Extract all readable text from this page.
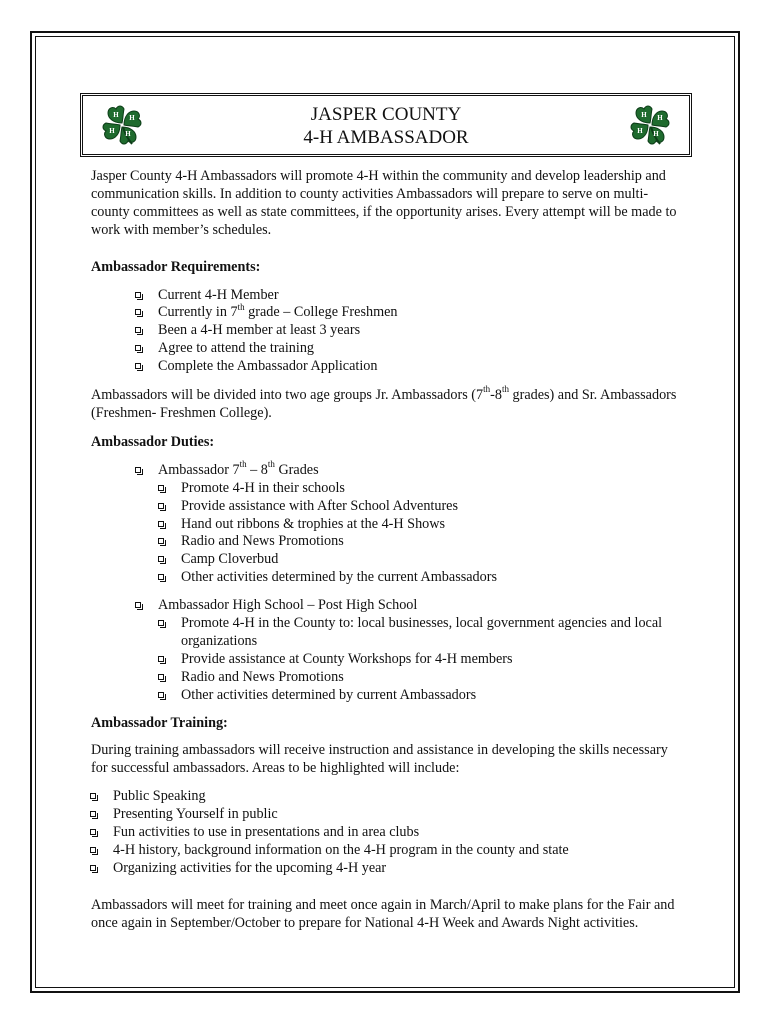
H H
H
H
JASPER COUNTY
4-H AMBASSADOR
H H
H
H

Jasper County 4-H Ambassadors will promote 4-H within the community and develop leadership and communication skills. In addition to county activities Ambassadors will prepare to serve on multi-county committees as well as state committees, if the opportunity arises. Every attempt will be made to work with member’s schedules.

Ambassador Requirements:

Current 4-H Member
Currently in 7th grade – College Freshmen
Been a 4-H member at least 3 years
Agree to attend the training
Complete the Ambassador Application

Ambassadors will be divided into two age groups Jr. Ambassadors (7th-8th grades) and Sr. Ambassadors (Freshmen- Freshmen College).

Ambassador Duties:

Ambassador 7th – 8th Grades
Promote 4-H in their schools
Provide assistance with After School Adventures
Hand out ribbons & trophies at the 4-H Shows
Radio and News Promotions
Camp Cloverbud
Other activities determined by the current Ambassadors
Ambassador High School – Post High School
Promote 4-H in the County to: local businesses, local government agencies and local organizations
Provide assistance at County Workshops for 4-H members
Radio and News Promotions
Other activities determined by current Ambassadors

Ambassador Training:

During training ambassadors will receive instruction and assistance in developing the skills necessary for successful ambassadors. Areas to be highlighted will include:

Public Speaking
Presenting Yourself in public
Fun activities to use in presentations and in area clubs
4-H history, background information on the 4-H program in the county and state
Organizing activities for the upcoming 4-H year

Ambassadors will meet for training and meet once again in March/April to make plans for the Fair and once again in September/October to prepare for National 4-H Week and Awards Night activities.
